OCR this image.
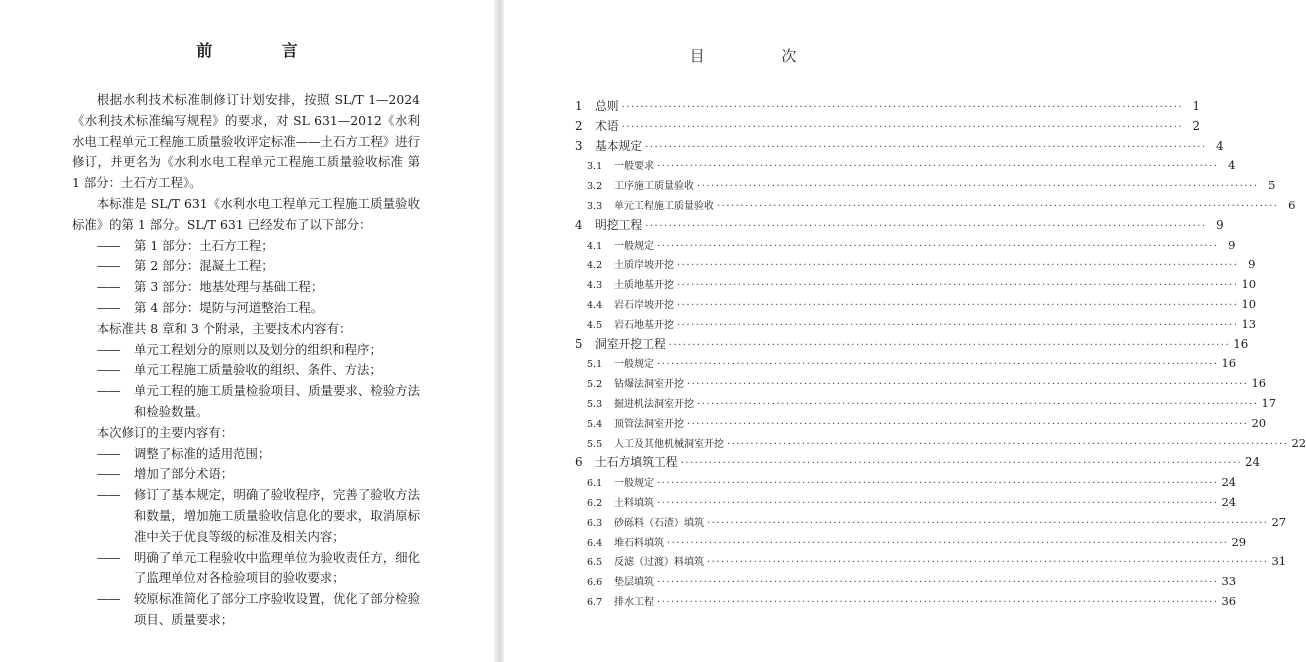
前 言

根据水利技术标准制修订计划安排，按照 SL/T 1—2024《水利技术标准编写规程》的要求，对 SL 631—2012《水利水电工程单元工程施工质量验收评定标准——土石方工程》进行修订，并更名为《水利水电工程单元工程施工质量验收标准 第 1 部分：土石方工程》。

本标准是 SL/T 631《水利水电工程单元工程施工质量验收标准》的第 1 部分。SL/T 631 已经发布了以下部分：

——	第 1 部分：土石方工程；
——	第 2 部分：混凝土工程；
——	第 3 部分：地基处理与基础工程；
——	第 4 部分：堤防与河道整治工程。

本标准共 8 章和 3 个附录，主要技术内容有：

——	单元工程划分的原则以及划分的组织和程序；
——	单元工程施工质量验收的组织、条件、方法；
——	单元工程的施工质量检验项目、质量要求、检验方法和检验数量。

本次修订的主要内容有：

——	调整了标准的适用范围；
——	增加了部分术语；
——	修订了基本规定，明确了验收程序，完善了验收方法和数量，增加施工质量验收信息化的要求，取消原标准中关于优良等级的标准及相关内容；
——	明确了单元工程验收中监理单位为验收责任方，细化了监理单位对各检验项目的验收要求；
——	较原标准简化了部分工序验收设置，优化了部分检验项目、质量要求；
目 次
1	总则 ························································································································ 1
2	术语 ························································································································ 2
3	基本规定 ························································································································ 4
3.1	一般要求 ························································································································ 4
3.2	工序施工质量验收 ························································································································ 5
3.3	单元工程施工质量验收 ························································································································ 6
4	明挖工程 ························································································································ 9
4.1	一般规定 ························································································································ 9
4.2	土质岸坡开挖 ························································································································ 9
4.3	土质地基开挖 ························································································································ 10
4.4	岩石岸坡开挖 ························································································································ 10
4.5	岩石地基开挖 ························································································································ 13
5	洞室开挖工程 ························································································································ 16
5.1	一般规定 ························································································································ 16
5.2	钻爆法洞室开挖 ························································································································ 16
5.3	掘进机法洞室开挖 ························································································································ 17
5.4	顶管法洞室开挖 ························································································································ 20
5.5	人工及其他机械洞室开挖 ························································································································ 22
6	土石方填筑工程 ························································································································ 24
6.1	一般规定 ························································································································ 24
6.2	土料填筑 ························································································································ 24
6.3	砂砾料（石渣）填筑 ························································································································ 27
6.4	堆石料填筑 ························································································································ 29
6.5	反滤（过渡）料填筑 ························································································································ 31
6.6	垫层填筑 ························································································································ 33
6.7	排水工程 ························································································································ 36
